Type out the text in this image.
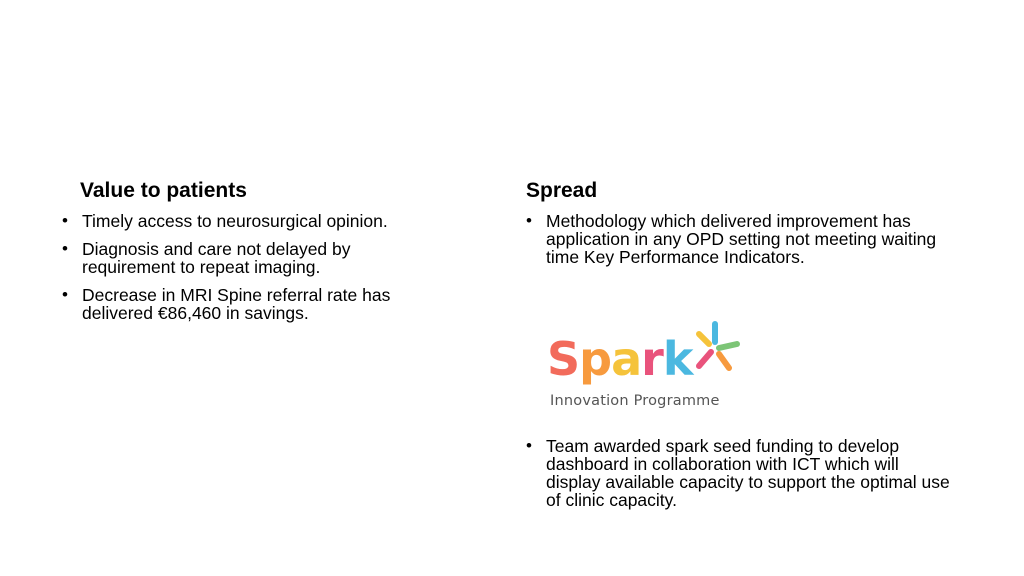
Value to patients
• Timely access to neurosurgical opinion.
• Diagnosis and care not delayed by requirement to repeat imaging.
• Decrease in MRI Spine referral rate has delivered €86,460 in savings.
Spread
• Methodology which delivered improvement has application in any OPD setting not meeting waiting time Key Performance Indicators.
Spark
Innovation Programme
• Team awarded spark seed funding to develop dashboard in collaboration with ICT which will display available capacity to support the optimal use of clinic capacity.
